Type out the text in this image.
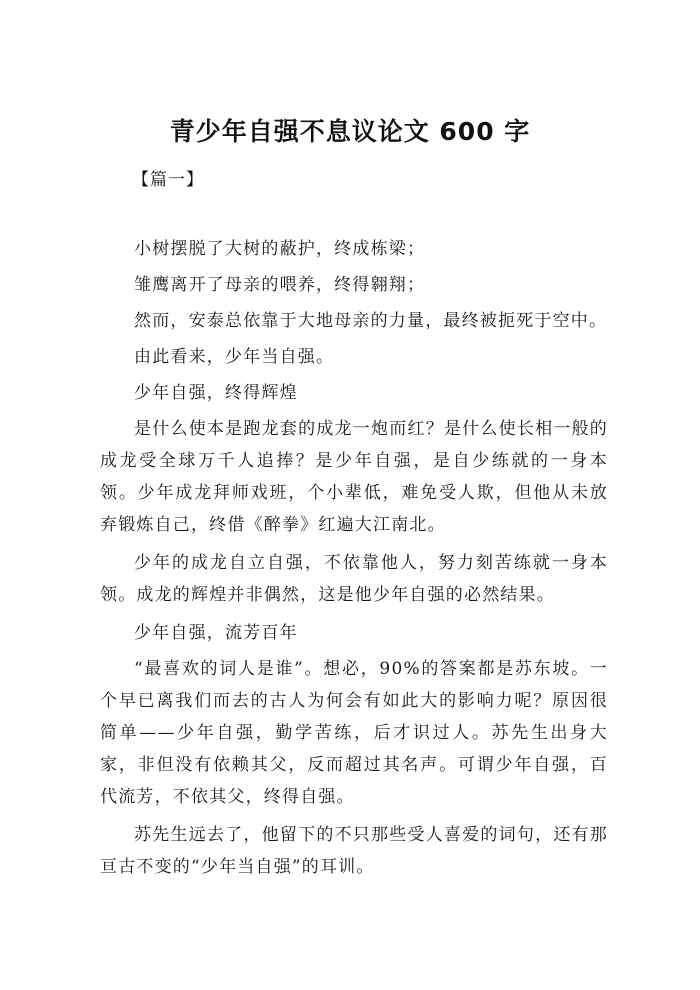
青少年自强不息议论文 600 字
【篇一】

小树摆脱了大树的蔽护，终成栋梁；

雏鹰离开了母亲的喂养，终得翱翔；

然而，安泰总依靠于大地母亲的力量，最终被扼死于空中。

由此看来，少年当自强。

少年自强，终得辉煌

是什么使本是跑龙套的成龙一炮而红？是什么使长相一般的成龙受全球万千人追捧？是少年自强，是自少练就的一身本领。少年成龙拜师戏班，个小辈低，难免受人欺，但他从未放弃锻炼自己，终借《醉拳》红遍大江南北。

少年的成龙自立自强，不依靠他人，努力刻苦练就一身本领。成龙的辉煌并非偶然，这是他少年自强的必然结果。

少年自强，流芳百年

“最喜欢的词人是谁”。想必，90%的答案都是苏东坡。一个早已离我们而去的古人为何会有如此大的影响力呢？原因很简单——少年自强，勤学苦练，后才识过人。苏先生出身大家，非但没有依赖其父，反而超过其名声。可谓少年自强，百代流芳，不依其父，终得自强。

苏先生远去了，他留下的不只那些受人喜爱的词句，还有那亘古不变的“少年当自强”的耳训。
